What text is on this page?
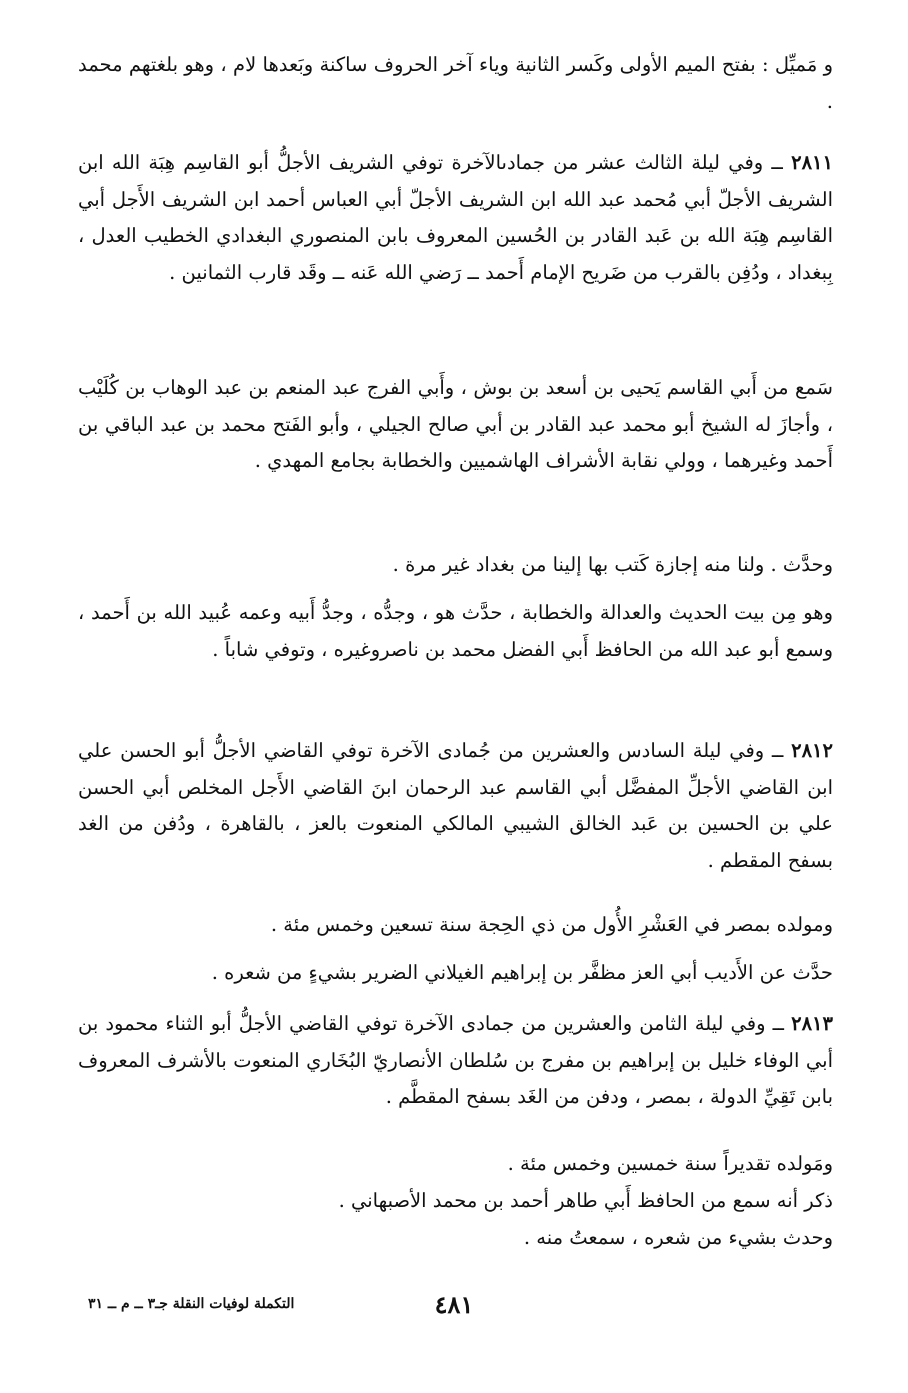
و مَميِّل : بفتح الميم الأولى وكَسر الثانية وياء آخر الحروف ساكنة وبَعدها لام ، وهو بلغتهم محمد .
٢٨١١ ــ وفي ليلة الثالث عشر من جمادىالآخرة توفي الشريف الأجلُّ أبو القاسِم هِبَة الله ابن الشريف الأجلّ أبي مُحمد عبد الله ابن الشريف الأجلّ أبي العباس أحمد ابن الشريف الأَجل أبي القاسِم هِبَة الله بن عَبد القادر بن الحُسين المعروف بابن المنصوري البغدادي الخطيب العدل ، بِبغداد ، ودُفِن بالقرب من ضَريح الإمام أَحمد ــ رَضي الله عَنه ــ وقَد قارب الثمانين .
سَمع من أَبي القاسم يَحيى بن أسعد بن بوش ، وأَبي الفرج عبد المنعم بن عبد الوهاب بن كُلَيْب ، وأجازَ له الشيخ أبو محمد عبد القادر بن أبي صالح الجيلي ، وأبو الفَتح محمد بن عبد الباقي بن أَحمد وغيرهما ، وولي نقابة الأشراف الهاشميين والخطابة بجامع المهدي .
وحدَّث . ولنا منه إجازة كَتب بها إلينا من بغداد غير مرة .
وهو مِن بيت الحديث والعدالة والخطابة ، حدَّث هو ، وجدُّه ، وجدُّ أَبيه وعمه عُبيد الله بن أَحمد ، وسمع أبو عبد الله من الحافظ أَبي الفضل محمد بن ناصروغيره ، وتوفي شاباً .
٢٨١٢ ــ وفي ليلة السادس والعشرين من جُمادى الآخرة توفي القاضي الأجلُّ أبو الحسن علي ابن القاضي الأجلِّ المفضَّل أبي القاسم عبد الرحمان ابنَ القاضي الأَجل المخلص أبي الحسن علي بن الحسين بن عَبد الخالق الشيبي المالكي المنعوت بالعز ، بالقاهرة ، ودُفن من الغد بسفح المقطم .
ومولده بمصر في العَشْرِ الأُول من ذي الحِجة سنة تسعين وخمس مئة .
حدَّث عن الأَديب أبي العز مظفَّر بن إبراهيم الغيلاني الضرير بشيءٍ من شعره .
٢٨١٣ ــ وفي ليلة الثامن والعشرين من جمادى الآخرة توفي القاضي الأجلُّ أبو الثناء محمود بن أبي الوفاء خليل بن إبراهيم بن مفرج بن سُلطان الأنصاريّ البُخَاري المنعوت بالأشرف المعروف بابن تَقِيِّ الدولة ، بمصر ، ودفن من الغَد بسفح المقطَّم .
ومَولده تقديراً سنة خمسين وخمس مئة .
ذكر أنه سمع من الحافظ أَبي طاهر أحمد بن محمد الأصبهاني .
وحدث بشيء من شعره ، سمعتُ منه .
التكملة لوفيات النقلة جـ٣ ــ م ــ ٣١	٤٨١
